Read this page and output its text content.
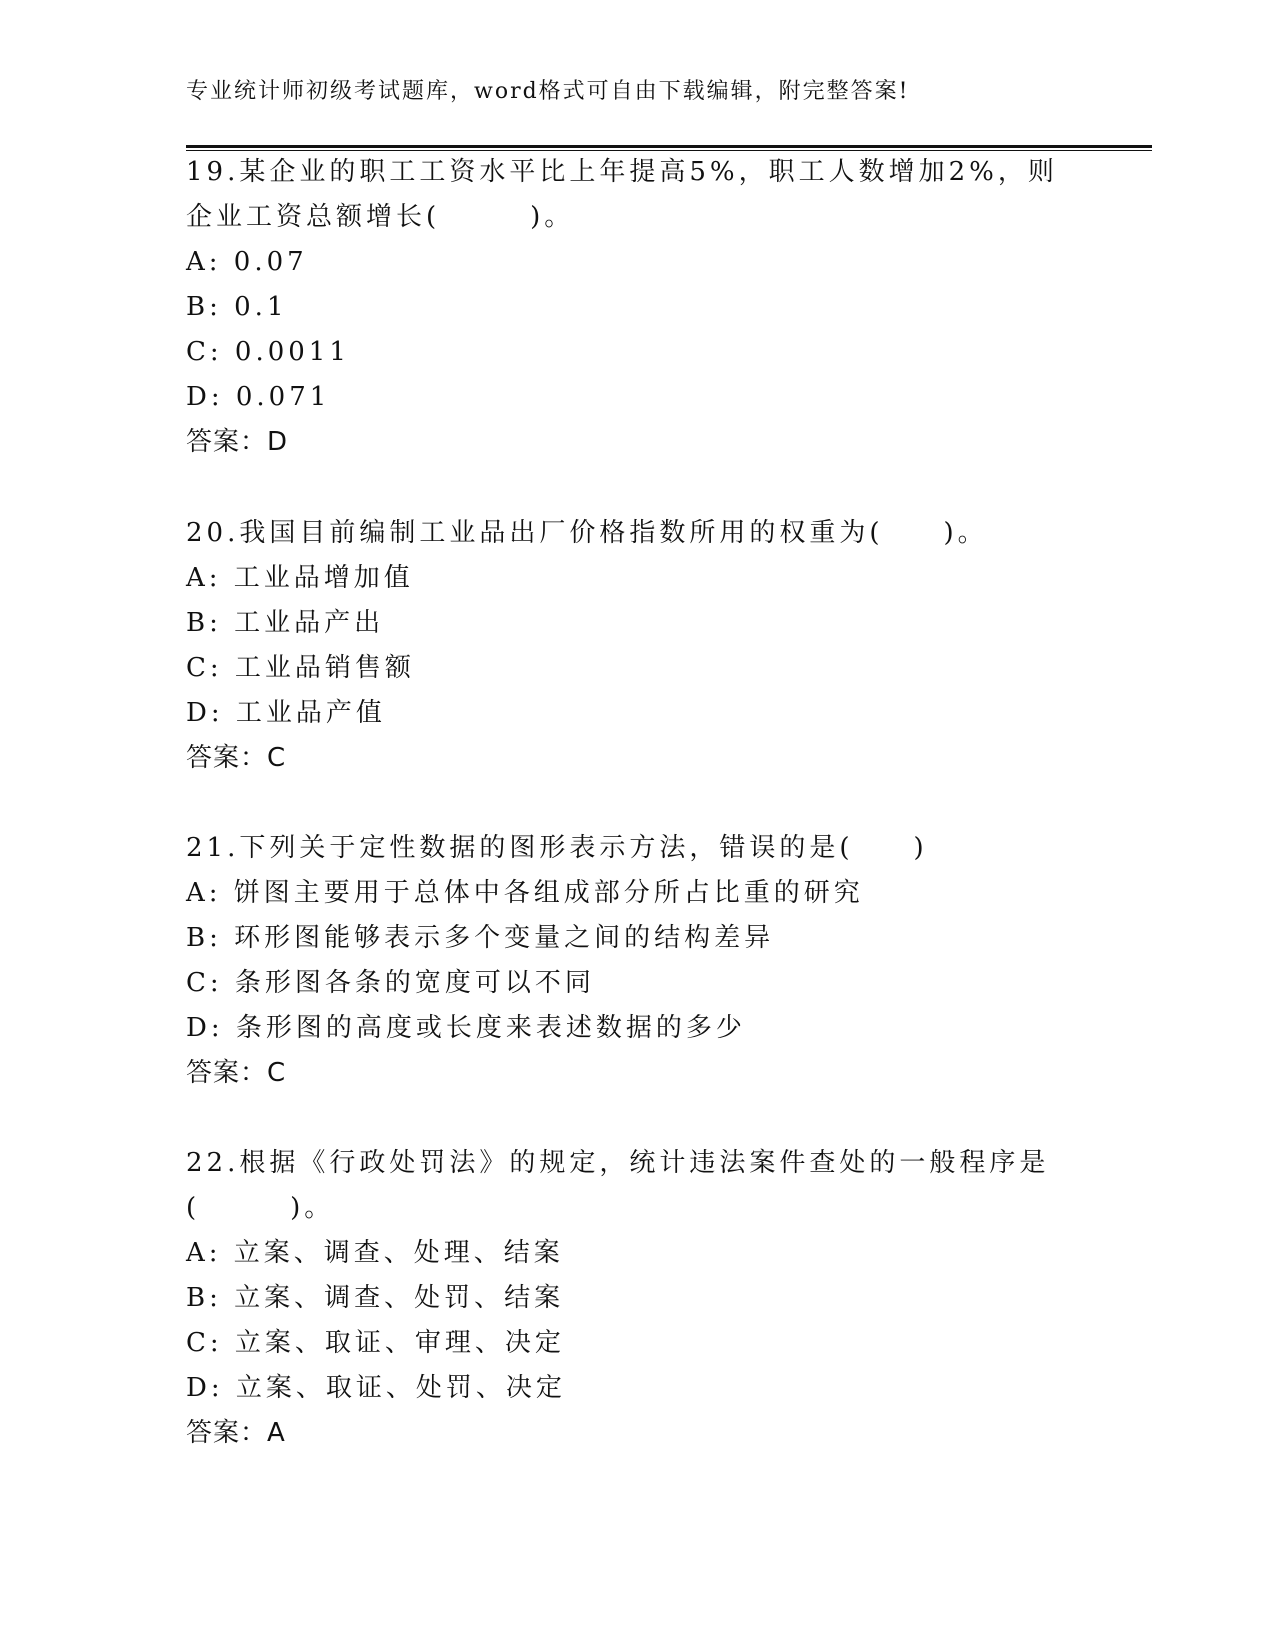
专业统计师初级考试题库，word格式可自由下载编辑，附完整答案!

19.某企业的职工工资水平比上年提高5%，职工人数增加2%，则企业工资总额增长(　　　)。

A: 0.07
B: 0.1
C: 0.0011
D: 0.071
答案：D

20.我国目前编制工业品出厂价格指数所用的权重为(　　)。

A: 工业品增加值
B: 工业品产出
C: 工业品销售额
D: 工业品产值
答案：C

21.下列关于定性数据的图形表示方法，错误的是(　　)

A: 饼图主要用于总体中各组成部分所占比重的研究
B: 环形图能够表示多个变量之间的结构差异
C: 条形图各条的宽度可以不同
D: 条形图的高度或长度来表述数据的多少
答案：C

22.根据《行政处罚法》的规定，统计违法案件查处的一般程序是(　　　)。

A: 立案、调查、处理、结案
B: 立案、调查、处罚、结案
C: 立案、取证、审理、决定
D: 立案、取证、处罚、决定
答案：A
